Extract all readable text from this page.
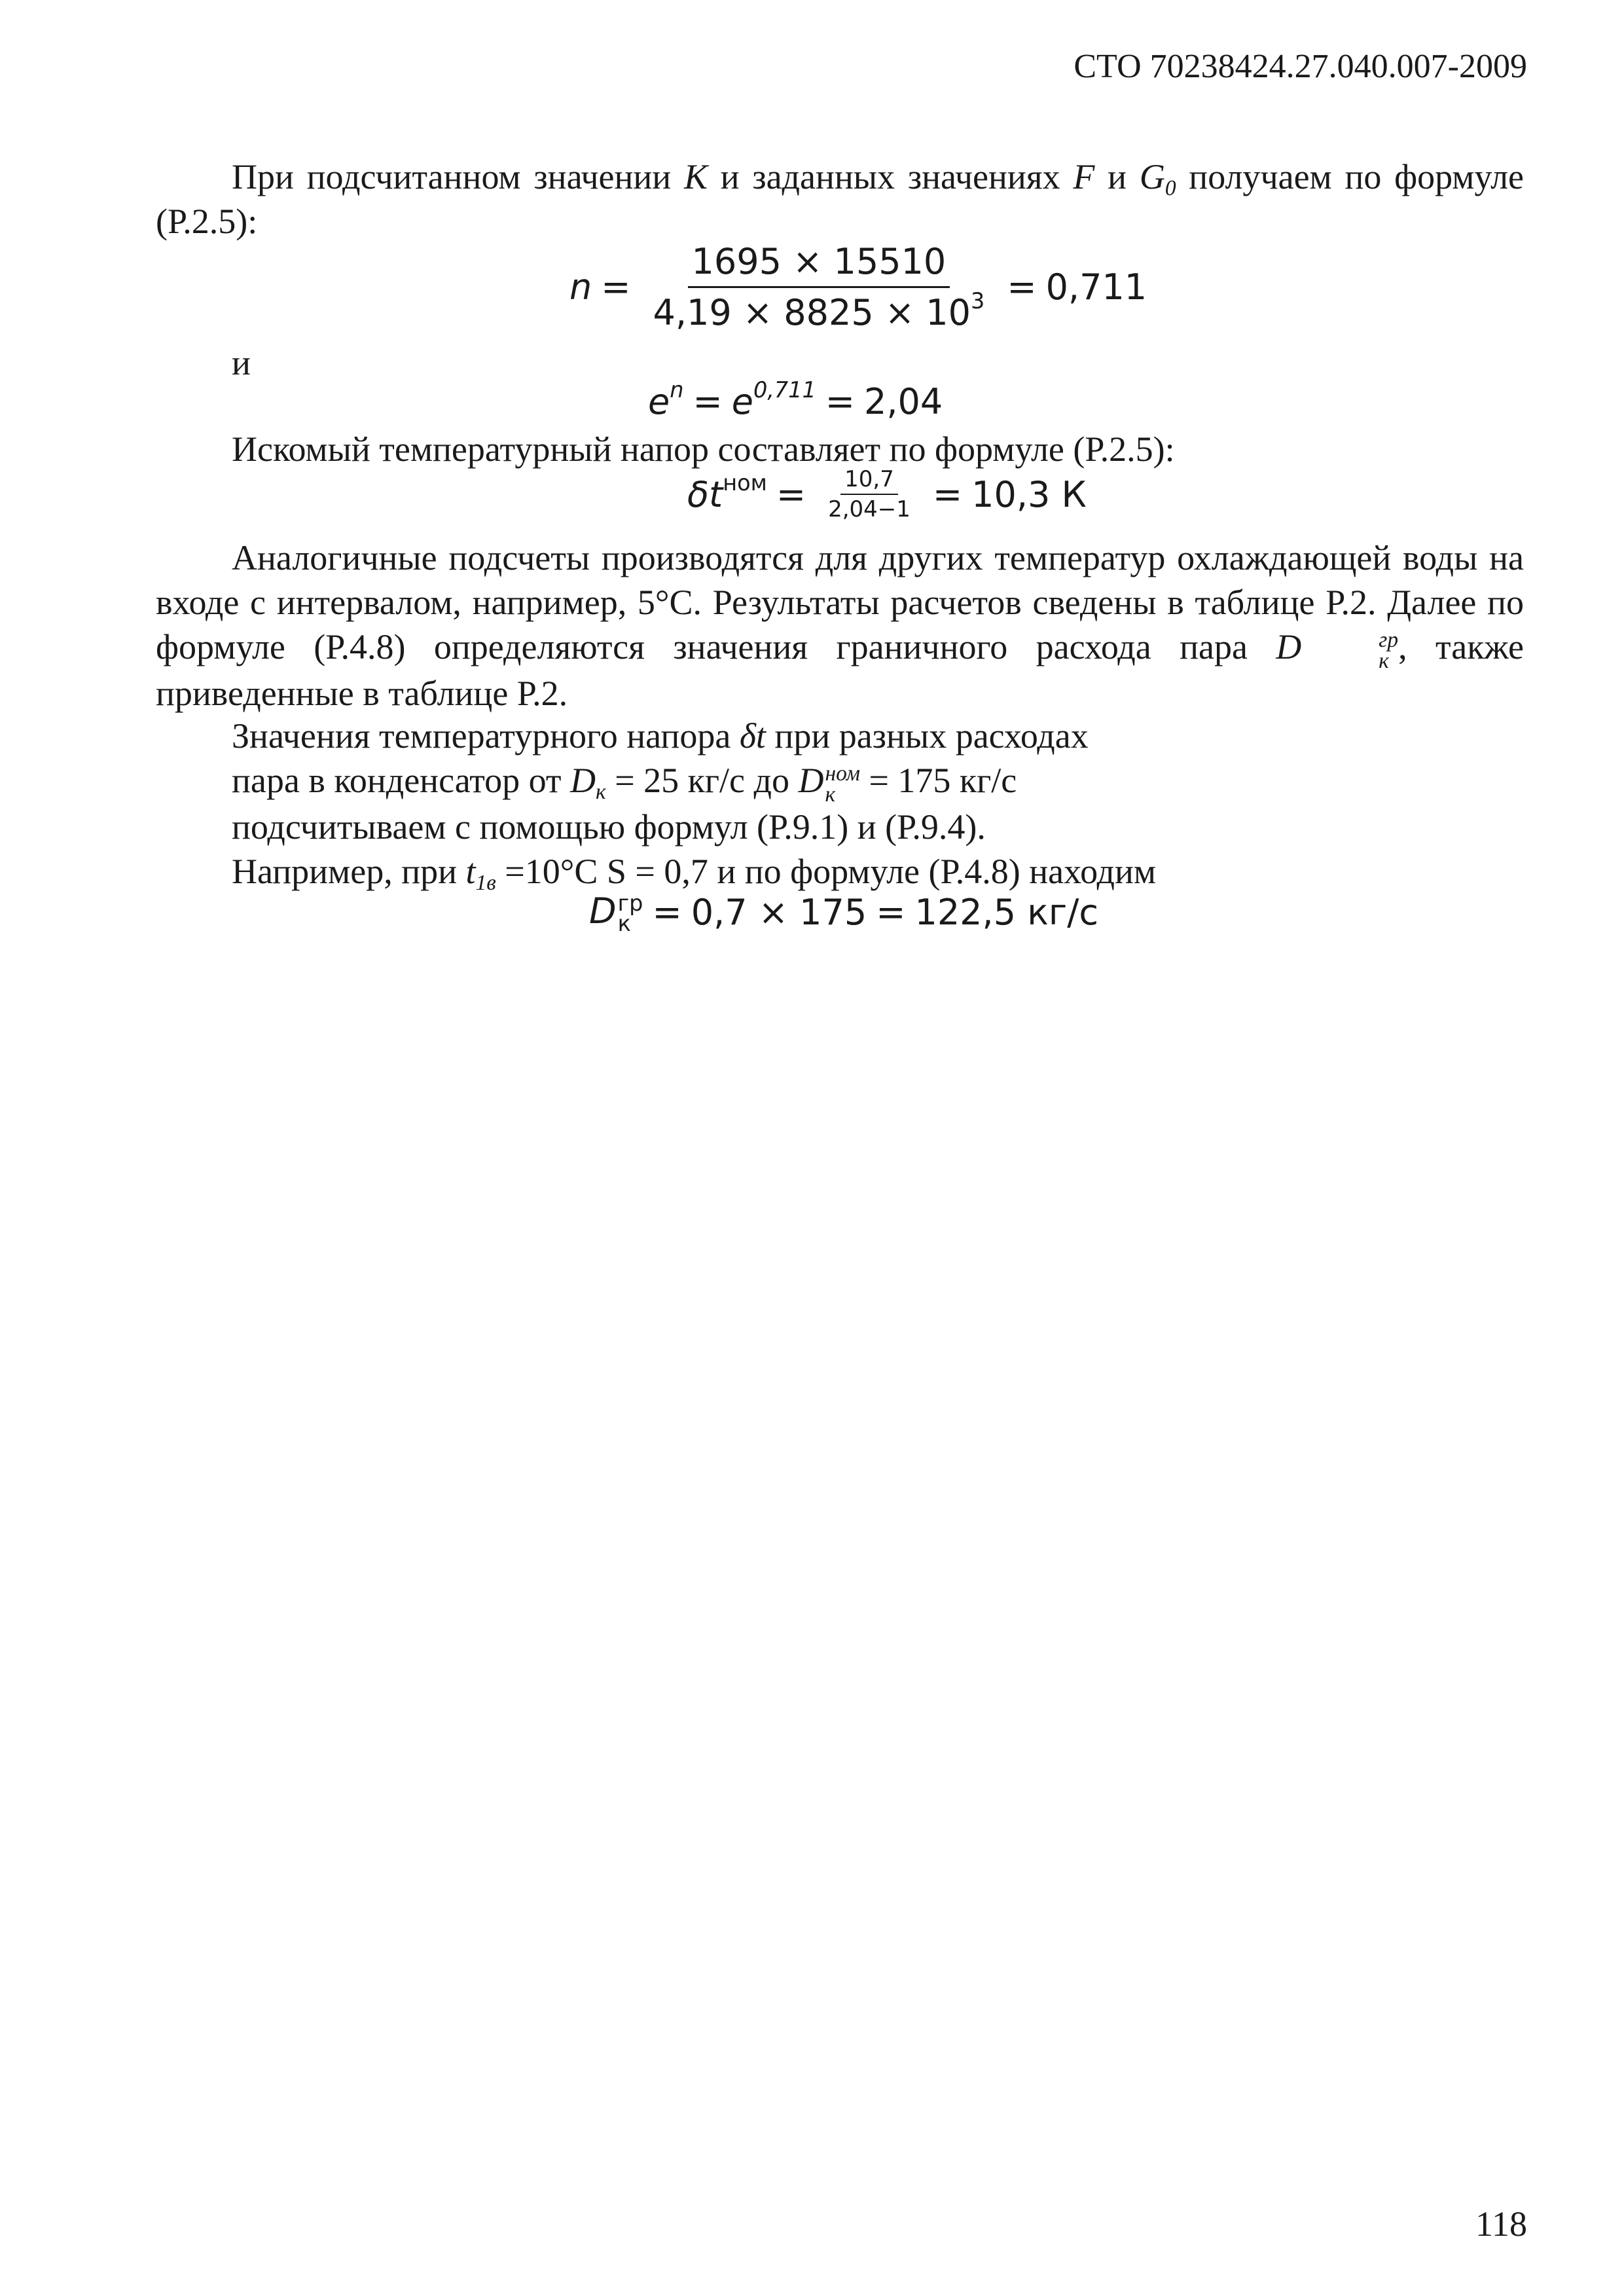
СТО 70238424.27.040.007-2009

При подсчитанном значении К и заданных значениях F и $G_0$ получаем по формуле (Р.2.5):

$n = \frac{1695 \times 15510}{4,19 \times 8825 \times 10^3} = 0,711$

и

$e^n = e^{0,711} = 2,04$

Искомый температурный напор составляет по формуле (Р.2.5):

$\delta t^{ном} = \frac{10,7}{2,04-1} = 10,3$ К

Аналогичные подсчеты производятся для других температур охлаждающей воды на входе с интервалом, например, 5°С. Результаты расчетов сведены в таблице Р.2. Далее по формуле (Р.4.8) определяются значения граничного расхода пара D	гр
к , также приведенные в таблице Р.2.

Значения температурного напора δt при разных расходах

пара в конденсатор от $D_к = 25$ кг/с до D ном
к = 175 кг/с

подсчитываем с помощью формул (Р.9.1) и (Р.9.4).

Например, при $t_{1в} =10^\circ С$ S = 0,7 и по формуле (Р.4.8) находим

D гр
к = 0,7 × 175 = 122,5 кг/с
118
